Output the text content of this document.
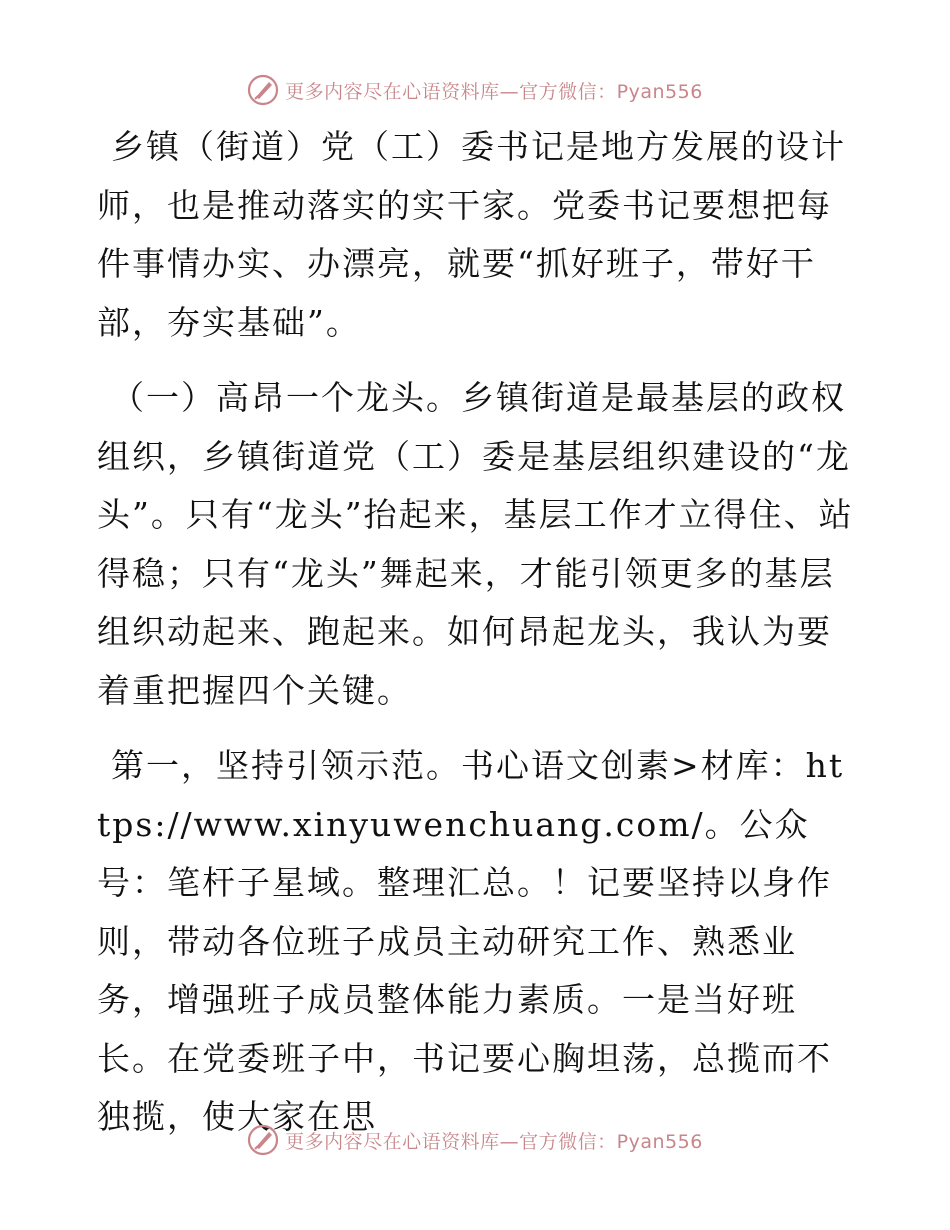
更多内容尽在心语资料库—官方微信：Pyan556

乡镇（街道）党（工）委书记是地方发展的设计师，也是推动落实的实干家。党委书记要想把每件事情办实、办漂亮，就要“抓好班子，带好干部，夯实基础”。

（一）高昂一个龙头。乡镇街道是最基层的政权组织，乡镇街道党（工）委是基层组织建设的“龙头”。只有“龙头”抬起来，基层工作才立得住、站得稳；只有“龙头”舞起来，才能引领更多的基层组织动起来、跑起来。如何昂起龙头，我认为要着重把握四个关键。

第一，坚持引领示范。书心语文创素>材库：https://www.xinyuwenchuang.com/。公众号：笔杆子星域。整理汇总。！记要坚持以身作则，带动各位班子成员主动研究工作、熟悉业务，增强班子成员整体能力素质。一是当好班长。在党委班子中，书记要心胸坦荡，总揽而不独揽，使大家在思

更多内容尽在心语资料库—官方微信：Pyan556
